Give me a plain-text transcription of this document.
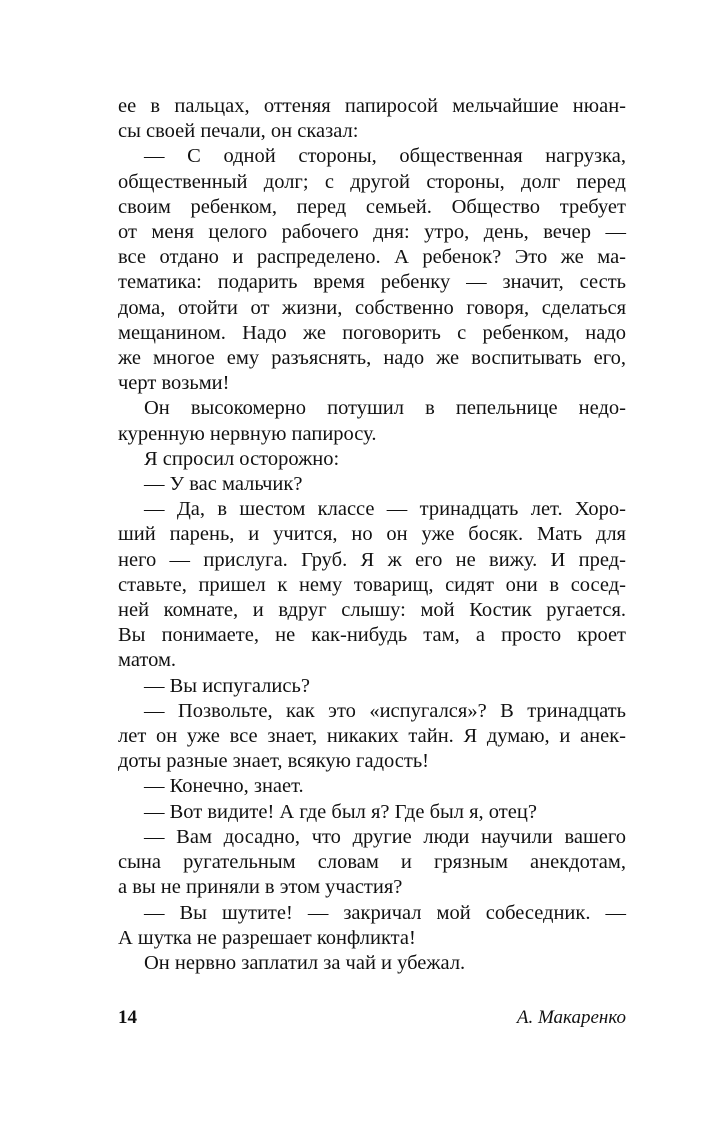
ее в пальцах, оттеняя папиросой мельчайшие нюан-
сы своей печали, он сказал:
— С одной стороны, общественная нагрузка,
общественный долг; с другой стороны, долг перед
своим ребенком, перед семьей. Общество требует
от меня целого рабочего дня: утро, день, вечер —
все отдано и распределено. А ребенок? Это же ма-
тематика: подарить время ребенку — значит, сесть
дома, отойти от жизни, собственно говоря, сделаться
мещанином. Надо же поговорить с ребенком, надо
же многое ему разъяснять, надо же воспитывать его,
черт возьми!
Он высокомерно потушил в пепельнице недо-
куренную нервную папиросу.
Я спросил осторожно:
— У вас мальчик?
— Да, в шестом классе — тринадцать лет. Хоро-
ший парень, и учится, но он уже босяк. Мать для
него — прислуга. Груб. Я ж его не вижу. И пред-
ставьте, пришел к нему товарищ, сидят они в сосед-
ней комнате, и вдруг слышу: мой Костик ругается.
Вы понимаете, не как-нибудь там, а просто кроет
матом.
— Вы испугались?
— Позвольте, как это «испугался»? В тринадцать
лет он уже все знает, никаких тайн. Я думаю, и анек-
доты разные знает, всякую гадость!
— Конечно, знает.
— Вот видите! А где был я? Где был я, отец?
— Вам досадно, что другие люди научили вашего
сына ругательным словам и грязным анекдотам,
а вы не приняли в этом участия?
— Вы шутите! — закричал мой собеседник. —
А шутка не разрешает конфликта!
Он нервно заплатил за чай и убежал.
14	А. Макаренко
